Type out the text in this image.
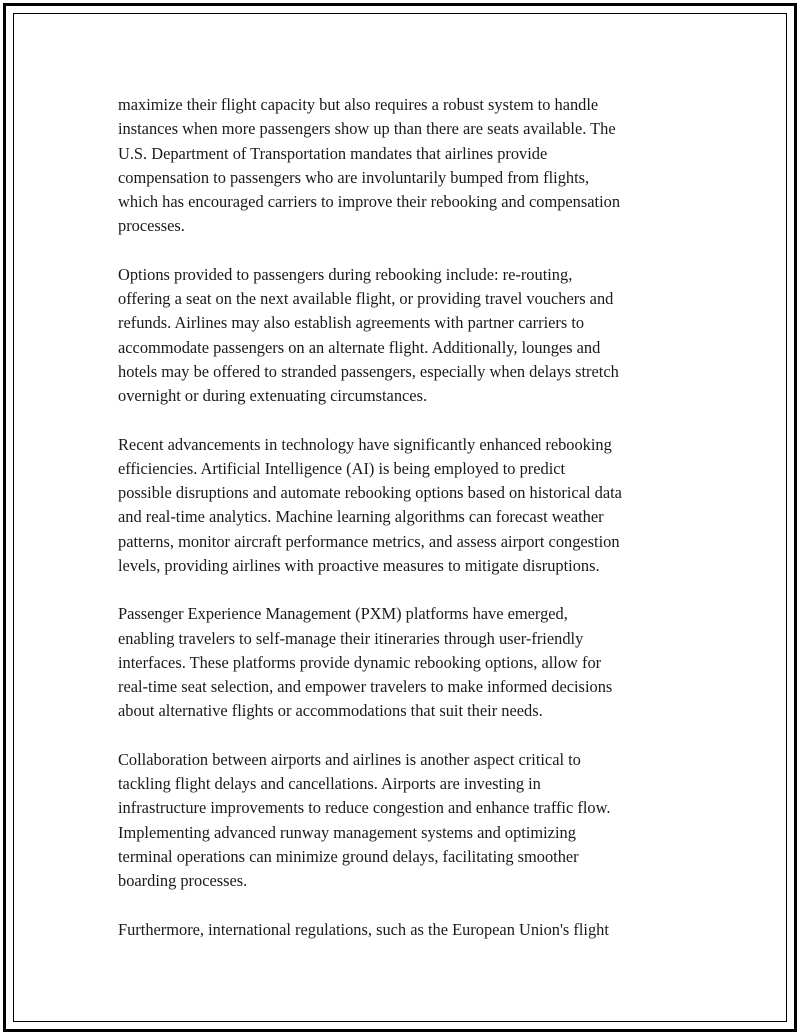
maximize their flight capacity but also requires a robust system to handle
instances when more passengers show up than there are seats available. The
U.S. Department of Transportation mandates that airlines provide
compensation to passengers who are involuntarily bumped from flights,
which has encouraged carriers to improve their rebooking and compensation
processes.

Options provided to passengers during rebooking include: re-routing,
offering a seat on the next available flight, or providing travel vouchers and
refunds. Airlines may also establish agreements with partner carriers to
accommodate passengers on an alternate flight. Additionally, lounges and
hotels may be offered to stranded passengers, especially when delays stretch
overnight or during extenuating circumstances.

Recent advancements in technology have significantly enhanced rebooking
efficiencies. Artificial Intelligence (AI) is being employed to predict
possible disruptions and automate rebooking options based on historical data
and real-time analytics. Machine learning algorithms can forecast weather
patterns, monitor aircraft performance metrics, and assess airport congestion
levels, providing airlines with proactive measures to mitigate disruptions.

Passenger Experience Management (PXM) platforms have emerged,
enabling travelers to self-manage their itineraries through user-friendly
interfaces. These platforms provide dynamic rebooking options, allow for
real-time seat selection, and empower travelers to make informed decisions
about alternative flights or accommodations that suit their needs.

Collaboration between airports and airlines is another aspect critical to
tackling flight delays and cancellations. Airports are investing in
infrastructure improvements to reduce congestion and enhance traffic flow.
Implementing advanced runway management systems and optimizing
terminal operations can minimize ground delays, facilitating smoother
boarding processes.

Furthermore, international regulations, such as the European Union's flight
